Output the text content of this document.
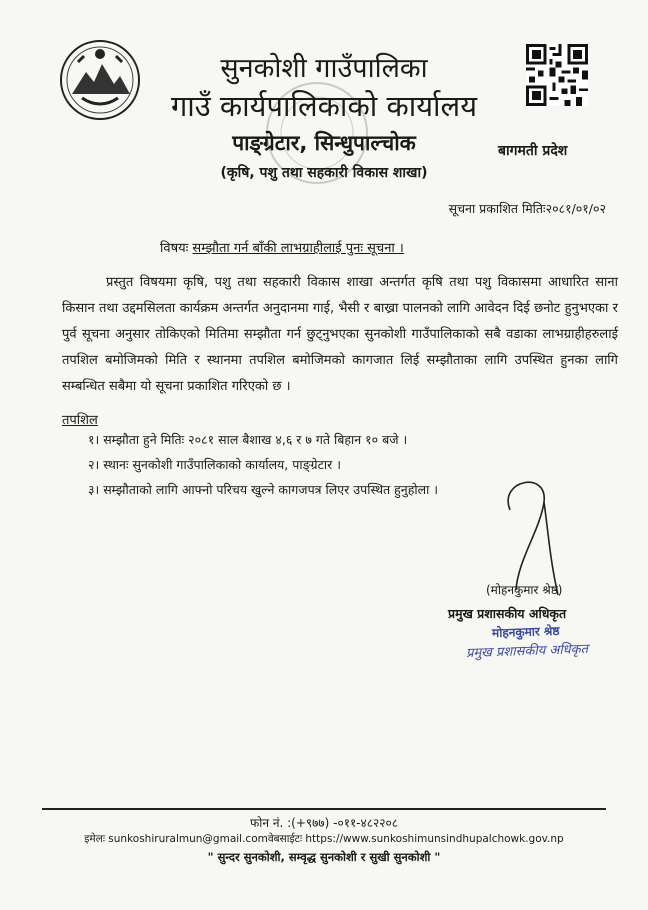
सुनकोशी गाउँपालिका
गाउँ कार्यपालिकाको कार्यालय
पाङ्ग्रेटार, सिन्धुपाल्चोक
(कृषि, पशु तथा सहकारी विकास शाखा)
बागमती प्रदेश
सूचना प्रकाशित मितिः२०८१/०१/०२
विषयः सम्झौता गर्न बाँकी लाभग्राहीलाई पुनः सूचना ।
प्रस्तुत विषयमा कृषि, पशु तथा सहकारी विकास शाखा अन्तर्गत कृषि तथा पशु विकासमा आधारित साना किसान तथा उद्दमसिलता कार्यक्रम अन्तर्गत अनुदानमा गाई, भैसी र बाख्रा पालनको लागि आवेदन दिई छनोट हुनुभएका र पुर्व सूचना अनुसार तोकिएको मितिमा सम्झौता गर्न छुट्नुभएका सुनकोशी गाउँपालिकाको सबै वडाका लाभग्राहीहरुलाई तपशिल बमोजिमको मिति र स्थानमा तपशिल बमोजिमको कागजात लिई सम्झौताका लागि उपस्थित हुनका लागि सम्बन्धित सबैमा यो सूचना प्रकाशित गरिएको छ ।
तपशिल
१। सम्झौता हुने मितिः २०८१ साल बैशाख ४,६ र ७ गते बिहान १० बजे ।
२। स्थानः सुनकोशी गाउँपालिकाको कार्यालय, पाङ्ग्रेटार ।
३। सम्झौताको लागि आफ्नो परिचय खुल्ने कागजपत्र लिएर उपस्थित हुनुहोला ।
(मोहनकुमार श्रेष्ठ)
प्रमुख प्रशासकीय अधिकृत
मोहनकुमार श्रेष्ठ
प्रमुख प्रशासकीय अधिकृत
फोन नं. :(+९७७) -०११-४८२२०८
इमेलः sunkoshiruralmun@gmail.comवेबसाईटः https://www.sunkoshimunsindhupalchowk.gov.np
" सुन्दर सुनकोशी, सम्वृद्ध सुनकोशी र सुखी सुनकोशी "
